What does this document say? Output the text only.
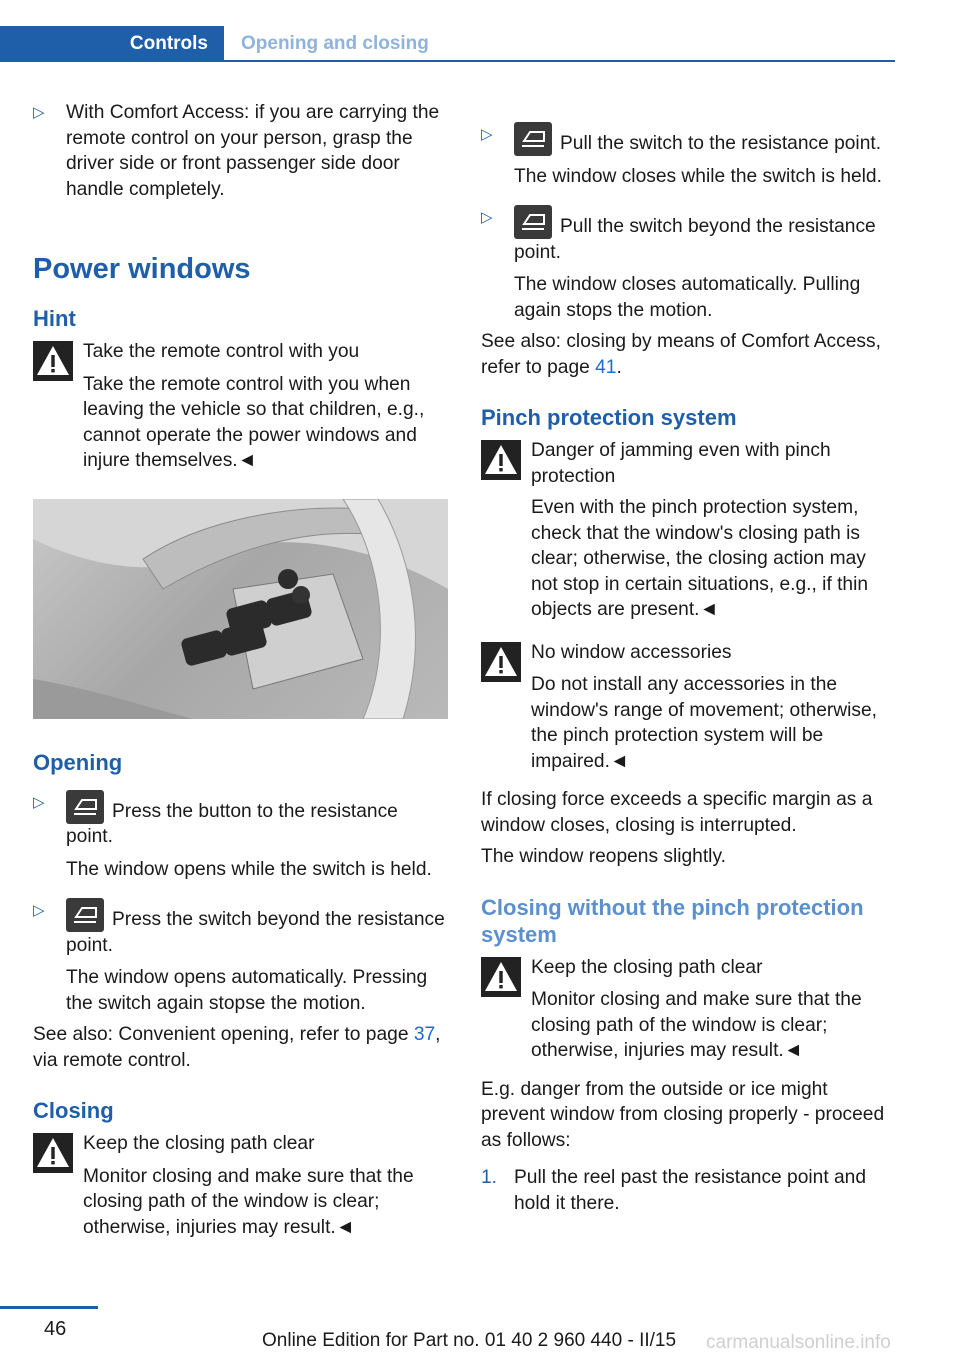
Controls	Opening and closing
▷ With Comfort Access: if you are carrying the remote control on your person, grasp the driver side or front passenger side door handle completely.

Power windows

Hint

Take the remote control with you

Take the remote control with you when leaving the vehicle so that children, e.g., cannot operate the power windows and injure themselves.◄

Opening

▷	Press the button to the resistance point.

The window opens while the switch is held.

▷	Press the switch beyond the resistance point.

The window opens automatically. Pressing the switch again stopse the motion.

See also: Convenient opening, refer to page 37, via remote control.

Closing

Keep the closing path clear

Monitor closing and make sure that the closing path of the window is clear; otherwise, injuries may result.◄

▷	Pull the switch to the resistance point.

The window closes while the switch is held.

▷	Pull the switch beyond the resistance point.

The window closes automatically. Pulling again stops the motion.

See also: closing by means of Comfort Access, refer to page 41.

Pinch protection system

Danger of jamming even with pinch protection

Even with the pinch protection system, check that the window's closing path is clear; otherwise, the closing action may not stop in certain situations, e.g., if thin objects are present.◄

No window accessories

Do not install any accessories in the window's range of movement; otherwise, the pinch protection system will be impaired.◄

If closing force exceeds a specific margin as a window closes, closing is interrupted.

The window reopens slightly.

Closing without the pinch protection system

Keep the closing path clear

Monitor closing and make sure that the closing path of the window is clear; otherwise, injuries may result.◄

E.g. danger from the outside or ice might prevent window from closing properly - proceed as follows:

1. Pull the reel past the resistance point and hold it there.

46
Online Edition for Part no. 01 40 2 960 440 - II/15 carmanualsonline.info
